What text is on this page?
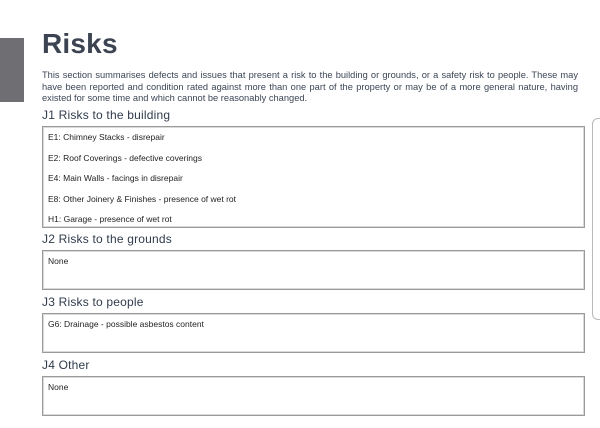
Risks

This section summarises defects and issues that present a risk to the building or grounds, or a safety risk to people. These may have been reported and condition rated against more than one part of the property or may be of a more general nature, having existed for some time and which cannot be reasonably changed.

J1 Risks to the building

E1: Chimney Stacks - disrepair

E2: Roof Coverings - defective coverings

E4: Main Walls - facings in disrepair

E8: Other Joinery & Finishes - presence of wet rot

H1: Garage - presence of wet rot

J2 Risks to the grounds

None

J3 Risks to people

G6: Drainage - possible asbestos content

J4 Other

None
